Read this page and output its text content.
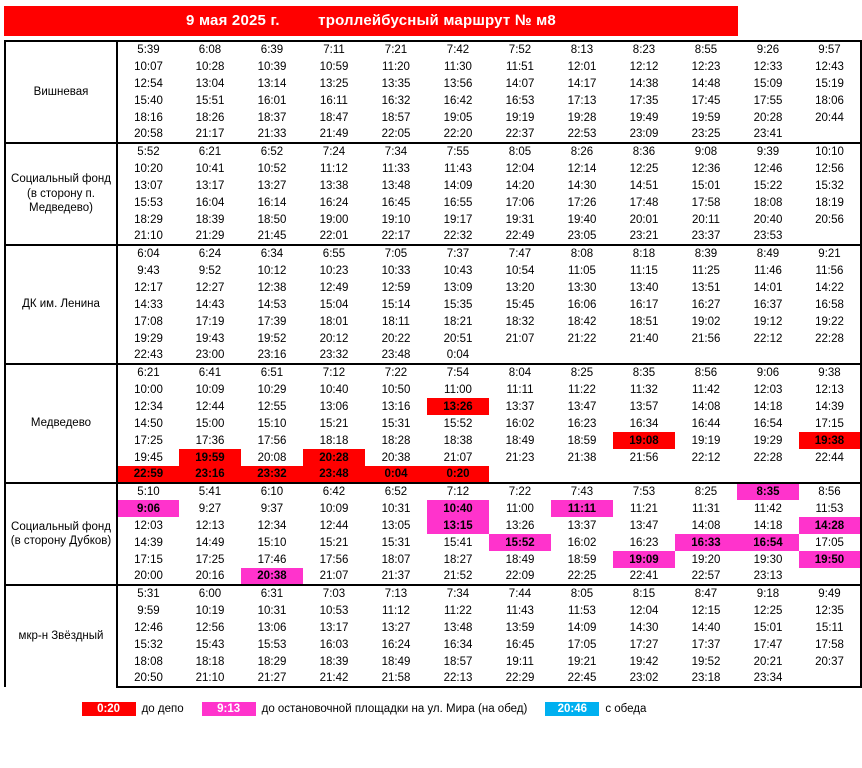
9 мая 2025 г.	троллейбусный маршрут № м8
Вишневая	5:39	6:08	6:39	7:11	7:21	7:42	7:52	8:13	8:23	8:55	9:26	9:57
	10:07	10:28	10:39	10:59	11:20	11:30	11:51	12:01	12:12	12:23	12:33	12:43
	12:54	13:04	13:14	13:25	13:35	13:56	14:07	14:17	14:38	14:48	15:09	15:19
	15:40	15:51	16:01	16:11	16:32	16:42	16:53	17:13	17:35	17:45	17:55	18:06
	18:16	18:26	18:37	18:47	18:57	19:05	19:19	19:28	19:49	19:59	20:28	20:44
	20:58	21:17	21:33	21:49	22:05	22:20	22:37	22:53	23:09	23:25	23:41	
Социальный фонд (в сторону п. Медведево)	5:52	6:21	6:52	7:24	7:34	7:55	8:05	8:26	8:36	9:08	9:39	10:10
	10:20	10:41	10:52	11:12	11:33	11:43	12:04	12:14	12:25	12:36	12:46	12:56
	13:07	13:17	13:27	13:38	13:48	14:09	14:20	14:30	14:51	15:01	15:22	15:32
	15:53	16:04	16:14	16:24	16:45	16:55	17:06	17:26	17:48	17:58	18:08	18:19
	18:29	18:39	18:50	19:00	19:10	19:17	19:31	19:40	20:01	20:11	20:40	20:56
	21:10	21:29	21:45	22:01	22:17	22:32	22:49	23:05	23:21	23:37	23:53	
ДК им. Ленина	6:04	6:24	6:34	6:55	7:05	7:37	7:47	8:08	8:18	8:39	8:49	9:21
	9:43	9:52	10:12	10:23	10:33	10:43	10:54	11:05	11:15	11:25	11:46	11:56
	12:17	12:27	12:38	12:49	12:59	13:09	13:20	13:30	13:40	13:51	14:01	14:22
	14:33	14:43	14:53	15:04	15:14	15:35	15:45	16:06	16:17	16:27	16:37	16:58
	17:08	17:19	17:39	18:01	18:11	18:21	18:32	18:42	18:51	19:02	19:12	19:22
	19:29	19:43	19:52	20:12	20:22	20:51	21:07	21:22	21:40	21:56	22:12	22:28
	22:43	23:00	23:16	23:32	23:48	0:04						
Медведево	6:21	6:41	6:51	7:12	7:22	7:54	8:04	8:25	8:35	8:56	9:06	9:38
	10:00	10:09	10:29	10:40	10:50	11:00	11:11	11:22	11:32	11:42	12:03	12:13
	12:34	12:44	12:55	13:06	13:16	13:26	13:37	13:47	13:57	14:08	14:18	14:39
	14:50	15:00	15:10	15:21	15:31	15:52	16:02	16:23	16:34	16:44	16:54	17:15
	17:25	17:36	17:56	18:18	18:28	18:38	18:49	18:59	19:08	19:19	19:29	19:38
	19:45	19:59	20:08	20:28	20:38	21:07	21:23	21:38	21:56	22:12	22:28	22:44
	22:59	23:16	23:32	23:48	0:04	0:20						
Социальный фонд (в сторону Дубков)	5:10	5:41	6:10	6:42	6:52	7:12	7:22	7:43	7:53	8:25	8:35	8:56
	9:06	9:27	9:37	10:09	10:31	10:40	11:00	11:11	11:21	11:31	11:42	11:53
	12:03	12:13	12:34	12:44	13:05	13:15	13:26	13:37	13:47	14:08	14:18	14:28
	14:39	14:49	15:10	15:21	15:31	15:41	15:52	16:02	16:23	16:33	16:54	17:05
	17:15	17:25	17:46	17:56	18:07	18:27	18:49	18:59	19:09	19:20	19:30	19:50
	20:00	20:16	20:38	21:07	21:37	21:52	22:09	22:25	22:41	22:57	23:13	
мкр-н Звёздный	5:31	6:00	6:31	7:03	7:13	7:34	7:44	8:05	8:15	8:47	9:18	9:49
	9:59	10:19	10:31	10:53	11:12	11:22	11:43	11:53	12:04	12:15	12:25	12:35
	12:46	12:56	13:06	13:17	13:27	13:48	13:59	14:09	14:30	14:40	15:01	15:11
	15:32	15:43	15:53	16:03	16:24	16:34	16:45	17:05	17:27	17:37	17:47	17:58
	18:08	18:18	18:29	18:39	18:49	18:57	19:11	19:21	19:42	19:52	20:21	20:37
	20:50	21:10	21:27	21:42	21:58	22:13	22:29	22:45	23:02	23:18	23:34	
0:20	до депо	9:13	до остановочной площадки на ул. Мира (на обед)	20:46	с обеда
